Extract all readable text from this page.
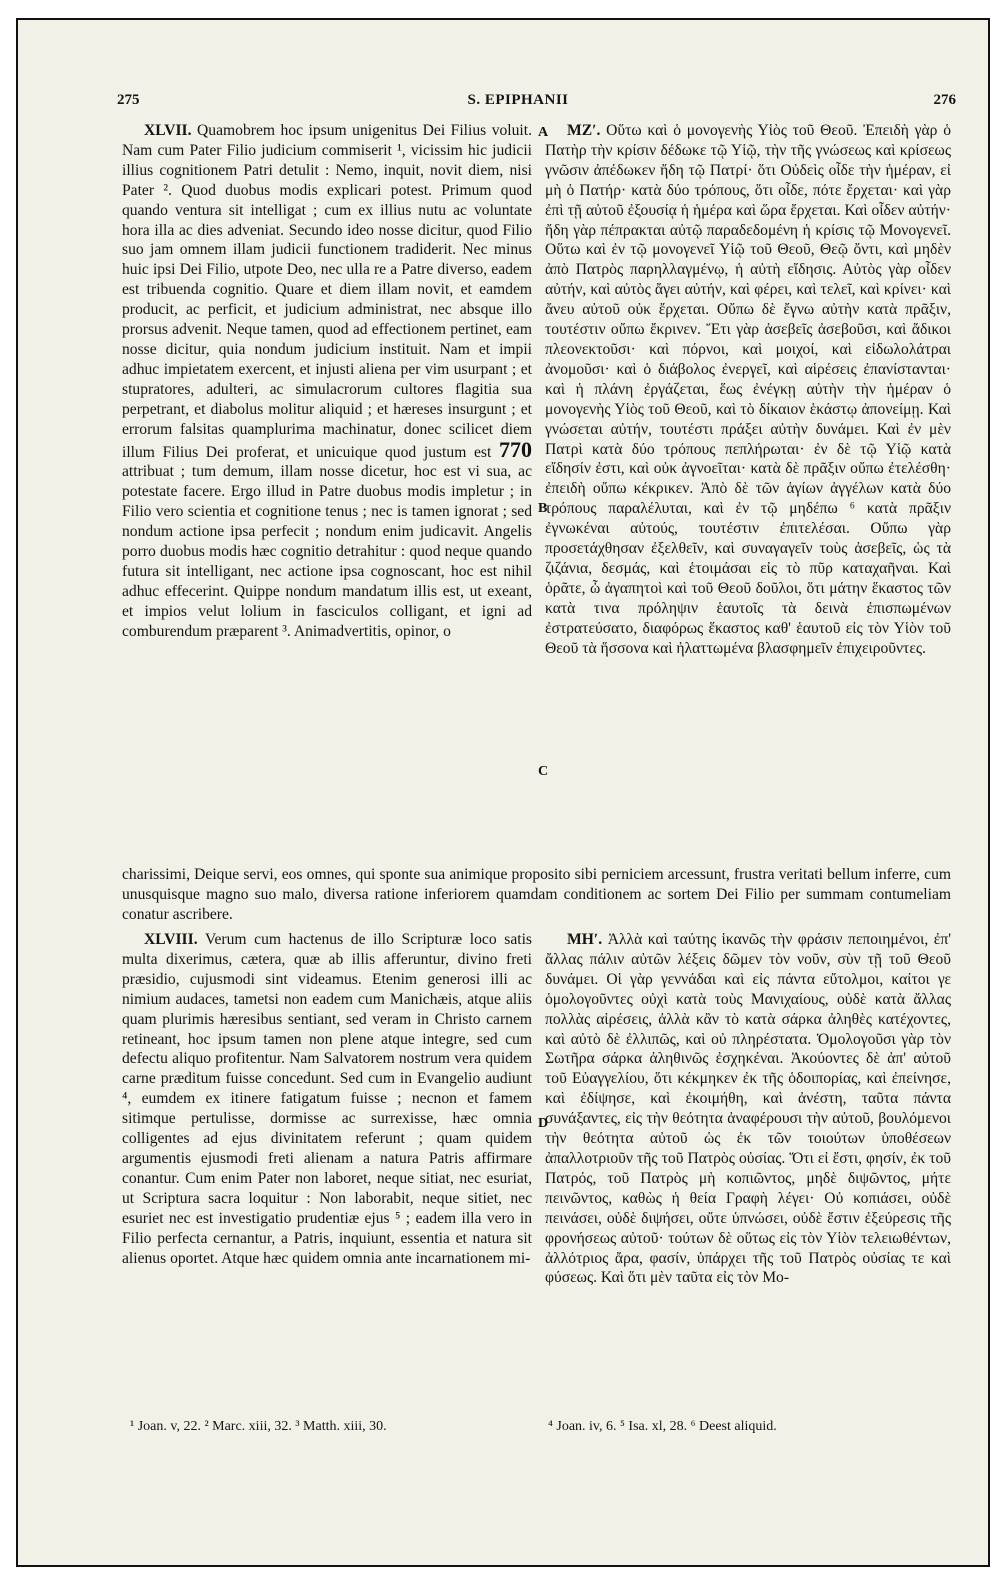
275	S. EPIPHANII	276
A
B
C
D

XLVII. Quamobrem hoc ipsum unigenitus Dei Filius voluit. Nam cum Pater Filio judicium commiserit ¹, vicissim hic judicii illius cognitionem Patri detulit : Nemo, inquit, novit diem, nisi Pater ². Quod duobus modis explicari potest. Primum quod quando ventura sit intelligat ; cum ex illius nutu ac voluntate hora illa ac dies adveniat. Secundo ideo nosse dicitur, quod Filio suo jam omnem illam judicii functionem tradiderit. Nec minus huic ipsi Dei Filio, utpote Deo, nec ulla re a Patre diverso, eadem est tribuenda cognitio. Quare et diem illam novit, et eamdem producit, ac perficit, et judicium administrat, nec absque illo prorsus advenit. Neque tamen, quod ad effectionem pertinet, eam nosse dicitur, quia nondum judicium instituit. Nam et impii adhuc impietatem exercent, et injusti aliena per vim usurpant ; et stupratores, adulteri, ac simulacrorum cultores flagitia sua perpetrant, et diabolus molitur aliquid ; et hæreses insurgunt ; et errorum falsitas quamplurima machinatur, donec scilicet diem illum Filius Dei proferat, et unicuique quod justum est 770 attribuat ; tum demum, illam nosse dicetur, hoc est vi sua, ac potestate facere. Ergo illud in Patre duobus modis impletur ; in Filio vero scientia et cognitione tenus ; nec is tamen ignorat ; sed nondum actione ipsa perfecit ; nondum enim judicavit. Angelis porro duobus modis hæc cognitio detrahitur : quod neque quando futura sit intelligant, nec actione ipsa cognoscant, hoc est nihil adhuc effecerint. Quippe nondum mandatum illis est, ut exeant, et impios velut lolium in fasciculos colligant, et igni ad comburendum præparent ³. Animadvertitis, opinor, o

ΜΖʹ. Οὕτω καὶ ὁ μονογενὴς Υἱὸς τοῦ Θεοῦ. Ἐπειδὴ γὰρ ὁ Πατὴρ τὴν κρίσιν δέδωκε τῷ Υἱῷ, τὴν τῆς γνώσεως καὶ κρίσεως γνῶσιν ἀπέδωκεν ἤδη τῷ Πατρί· ὅτι Οὐδεὶς οἶδε τὴν ἡμέραν, εἰ μὴ ὁ Πατήρ· κατὰ δύο τρόπους, ὅτι οἶδε, πότε ἔρχεται· καὶ γὰρ ἐπὶ τῇ αὐτοῦ ἐξουσίᾳ ἡ ἡμέρα καὶ ὥρα ἔρχεται. Καὶ οἶδεν αὐτήν· ἤδη γὰρ πέπρακται αὐτῷ παραδεδομένη ἡ κρίσις τῷ Μονογενεῖ. Οὕτω καὶ ἐν τῷ μονογενεῖ Υἱῷ τοῦ Θεοῦ, Θεῷ ὄντι, καὶ μηδὲν ἀπὸ Πατρὸς παρηλλαγμένῳ, ἡ αὐτὴ εἴδησις. Αὐτὸς γὰρ οἶδεν αὐτήν, καὶ αὐτὸς ἄγει αὐτήν, καὶ φέρει, καὶ τελεῖ, καὶ κρίνει· καὶ ἄνευ αὐτοῦ οὐκ ἔρχεται. Οὔπω δὲ ἔγνω αὐτὴν κατὰ πρᾶξιν, τουτέστιν οὔπω ἔκρινεν. Ἔτι γὰρ ἀσεβεῖς ἀσεβοῦσι, καὶ ἄδικοι πλεονεκτοῦσι· καὶ πόρνοι, καὶ μοιχοί, καὶ εἰδωλολάτραι ἀνομοῦσι· καὶ ὁ διάβολος ἐνεργεῖ, καὶ αἱρέσεις ἐπανίστανται· καὶ ἡ πλάνη ἐργάζεται, ἕως ἐνέγκῃ αὐτὴν τὴν ἡμέραν ὁ μονογενὴς Υἱὸς τοῦ Θεοῦ, καὶ τὸ δίκαιον ἑκάστῳ ἀπονείμῃ. Καὶ γνώσεται αὐτήν, τουτέστι πράξει αὐτὴν δυνάμει. Καὶ ἐν μὲν Πατρὶ κατὰ δύο τρόπους πεπλήρωται· ἐν δὲ τῷ Υἱῷ κατὰ εἴδησίν ἐστι, καὶ οὐκ ἀγνοεῖται· κατὰ δὲ πρᾶξιν οὔπω ἐτελέσθη· ἐπειδὴ οὔπω κέκρικεν. Ἀπὸ δὲ τῶν ἁγίων ἀγγέλων κατὰ δύο τρόπους παραλέλυται, καὶ ἐν τῷ μηδέπω ⁶ κατὰ πρᾶξιν ἐγνωκέναι αὐτούς, τουτέστιν ἐπιτελέσαι. Οὔπω γὰρ προσετάχθησαν ἐξελθεῖν, καὶ συναγαγεῖν τοὺς ἀσεβεῖς, ὡς τὰ ζιζάνια, δεσμάς, καὶ ἑτοιμάσαι εἰς τὸ πῦρ καταχαῆναι. Καὶ ὁρᾶτε, ὦ ἀγαπητοὶ καὶ τοῦ Θεοῦ δοῦλοι, ὅτι μάτην ἕκαστος τῶν κατὰ τινα πρόληψιν ἑαυτοῖς τὰ δεινὰ ἐπισπωμένων ἐστρατεύσατο, διαφόρως ἕκαστος καθ' ἑαυτοῦ εἰς τὸν Υἱὸν τοῦ Θεοῦ τὰ ἥσσονα καὶ ἠλαττωμένα βλασφημεῖν ἐπιχειροῦντες.

charissimi, Deique servi, eos omnes, qui sponte sua animique proposito sibi perniciem arcessunt, frustra veritati bellum inferre, cum unusquisque magno suo malo, diversa ratione inferiorem quamdam conditionem ac sortem Dei Filio per summam contumeliam conatur ascribere.

XLVIII. Verum cum hactenus de illo Scripturæ loco satis multa dixerimus, cætera, quæ ab illis afferuntur, divino freti præsidio, cujusmodi sint videamus. Etenim generosi illi ac nimium audaces, tametsi non eadem cum Manichæis, atque aliis quam plurimis hæresibus sentiant, sed veram in Christo carnem retineant, hoc ipsum tamen non plene atque integre, sed cum defectu aliquo profitentur. Nam Salvatorem nostrum vera quidem carne præditum fuisse concedunt. Sed cum in Evangelio audiunt ⁴, eumdem ex itinere fatigatum fuisse ; necnon et famem sitimque pertulisse, dormisse ac surrexisse, hæc omnia colligentes ad ejus divinitatem referunt ; quam quidem argumentis ejusmodi freti alienam a natura Patris affirmare conantur. Cum enim Pater non laboret, neque sitiat, nec esuriat, ut Scriptura sacra loquitur : Non laborabit, neque sitiet, nec esuriet nec est investigatio prudentiæ ejus ⁵ ; eadem illa vero in Filio perfecta cernantur, a Patris, inquiunt, essentia et natura sit alienus oportet. Atque hæc quidem omnia ante incarnationem mi-

ΜΗʹ. Ἀλλὰ καὶ ταύτης ἱκανῶς τὴν φράσιν πεποιημένοι, ἐπ' ἄλλας πάλιν αὐτῶν λέξεις δῶμεν τὸν νοῦν, σὺν τῇ τοῦ Θεοῦ δυνάμει. Οἱ γὰρ γεννάδαι καὶ εἰς πάντα εὔτολμοι, καίτοι γε ὁμολογοῦντες οὐχὶ κατὰ τοὺς Μανιχαίους, οὐδὲ κατὰ ἄλλας πολλὰς αἱρέσεις, ἀλλὰ κἂν τὸ κατὰ σάρκα ἀληθὲς κατέχοντες, καὶ αὐτὸ δὲ ἐλλιπῶς, καὶ οὐ πληρέστατα. Ὁμολογοῦσι γὰρ τὸν Σωτῆρα σάρκα ἀληθινῶς ἐσχηκέναι. Ἀκούοντες δὲ ἀπ' αὐτοῦ τοῦ Εὐαγγελίου, ὅτι κέκμηκεν ἐκ τῆς ὁδοιπορίας, καὶ ἐπείνησε, καὶ ἐδίψησε, καὶ ἐκοιμήθη, καὶ ἀνέστη, ταῦτα πάντα συνάξαντες, εἰς τὴν θεότητα ἀναφέρουσι τὴν αὐτοῦ, βουλόμενοι τὴν θεότητα αὐτοῦ ὡς ἐκ τῶν τοιούτων ὑποθέσεων ἀπαλλοτριοῦν τῆς τοῦ Πατρὸς οὐσίας. Ὅτι εἰ ἔστι, φησίν, ἐκ τοῦ Πατρός, τοῦ Πατρὸς μὴ κοπιῶντος, μηδὲ διψῶντος, μήτε πεινῶντος, καθὼς ἡ θεία Γραφὴ λέγει· Οὐ κοπιάσει, οὐδὲ πεινάσει, οὐδὲ διψήσει, οὔτε ὑπνώσει, οὐδὲ ἔστιν ἐξεύρεσις τῆς φρονήσεως αὐτοῦ· τούτων δὲ οὕτως εἰς τὸν Υἱὸν τελειωθέντων, ἀλλότριος ἄρα, φασίν, ὑπάρχει τῆς τοῦ Πατρὸς οὐσίας τε καὶ φύσεως. Καὶ ὅτι μὲν ταῦτα εἰς τὸν Μο-

¹ Joan. v, 22. ² Marc. xiii, 32. ³ Matth. xiii, 30.	⁴ Joan. iv, 6. ⁵ Isa. xl, 28. ⁶ Deest aliquid.
